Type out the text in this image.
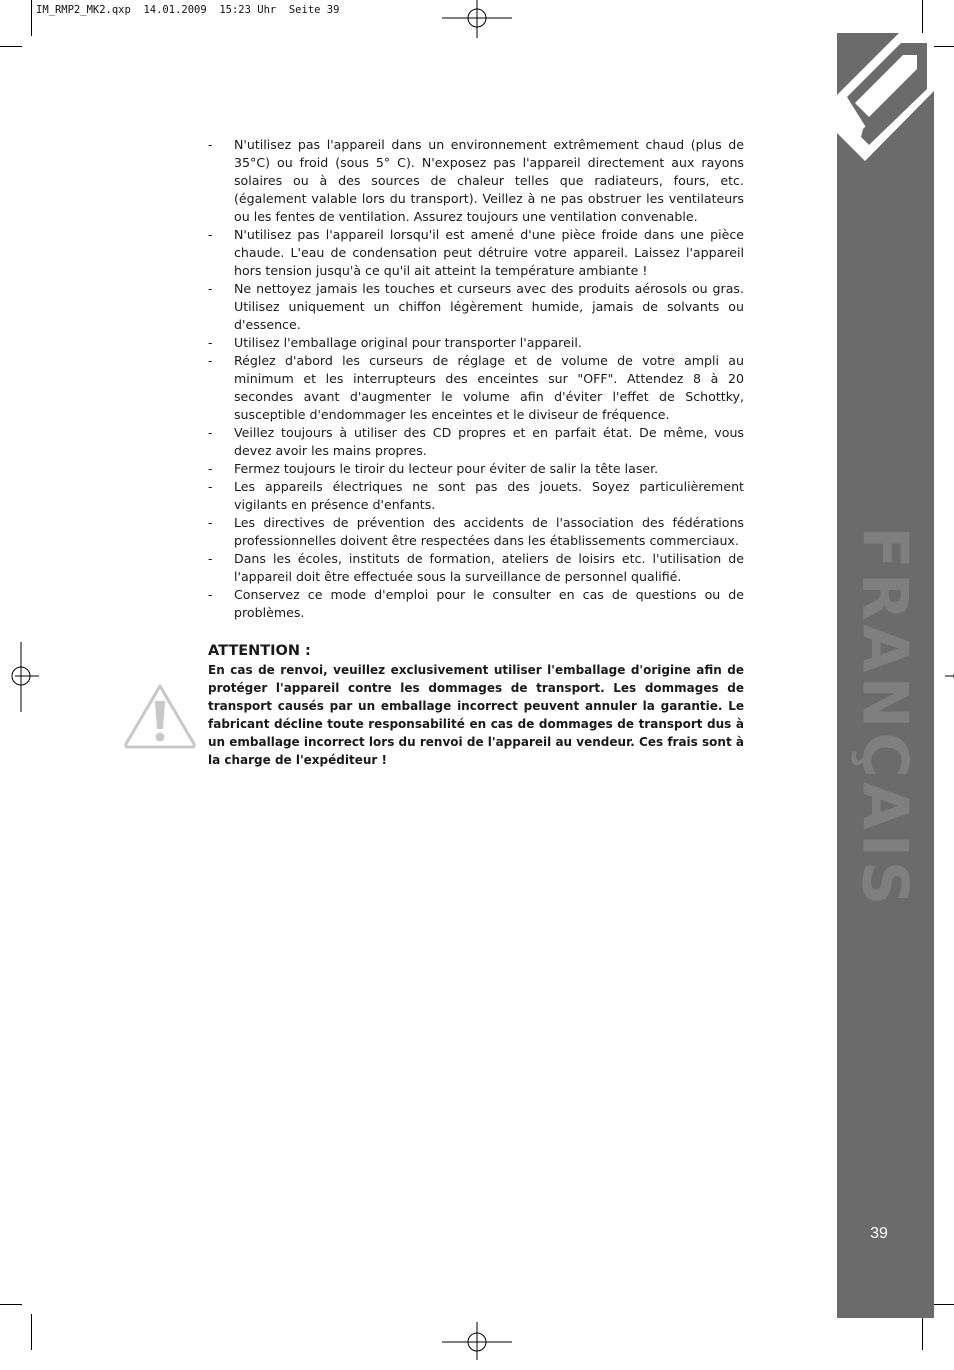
IM_RMP2_MK2.qxp  14.01.2009  15:23 Uhr  Seite 39
FRANÇAIS
39
- N'utilisez pas l'appareil dans un environnement extrêmement chaud (plus de 35°C) ou froid (sous 5° C). N'exposez pas l'appareil directement aux rayons solaires ou à des sources de chaleur telles que radiateurs, fours, etc. (également valable lors du transport). Veillez à ne pas obstruer les ventilateurs ou les fentes de ventilation. Assurez toujours une ventilation convenable.
- N'utilisez pas l'appareil lorsqu'il est amené d'une pièce froide dans une pièce chaude. L'eau de condensation peut détruire votre appareil. Laissez l'appareil hors tension jusqu'à ce qu'il ait atteint la température ambiante !
- Ne nettoyez jamais les touches et curseurs avec des produits aérosols ou gras. Utilisez uniquement un chiffon légèrement humide, jamais de solvants ou d'essence.
- Utilisez l'emballage original pour transporter l'appareil.
- Réglez d'abord les curseurs de réglage et de volume de votre ampli au minimum et les interrupteurs des enceintes sur "OFF". Attendez 8 à 20 secondes avant d'augmenter le volume afin d'éviter l'effet de Schottky, susceptible d'endommager les enceintes et le diviseur de fréquence.
- Veillez toujours à utiliser des CD propres et en parfait état. De même, vous devez avoir les mains propres.
- Fermez toujours le tiroir du lecteur pour éviter de salir la tête laser.
- Les appareils électriques ne sont pas des jouets. Soyez particulièrement vigilants en présence d'enfants.
- Les directives de prévention des accidents de l'association des fédérations professionnelles doivent être respectées dans les établissements commerciaux.
- Dans les écoles, instituts de formation, ateliers de loisirs etc. l'utilisation de l'appareil doit être effectuée sous la surveillance de personnel qualifié.
- Conservez ce mode d'emploi pour le consulter en cas de questions ou de problèmes.

ATTENTION :

En cas de renvoi, veuillez exclusivement utiliser l'emballage d'origine afin de protéger l'appareil contre les dommages de transport. Les dommages de transport causés par un emballage incorrect peuvent annuler la garantie. Le fabricant décline toute responsabilité en cas de dommages de transport dus à un emballage incorrect lors du renvoi de l'appareil au vendeur. Ces frais sont à la charge de l'expéditeur !
